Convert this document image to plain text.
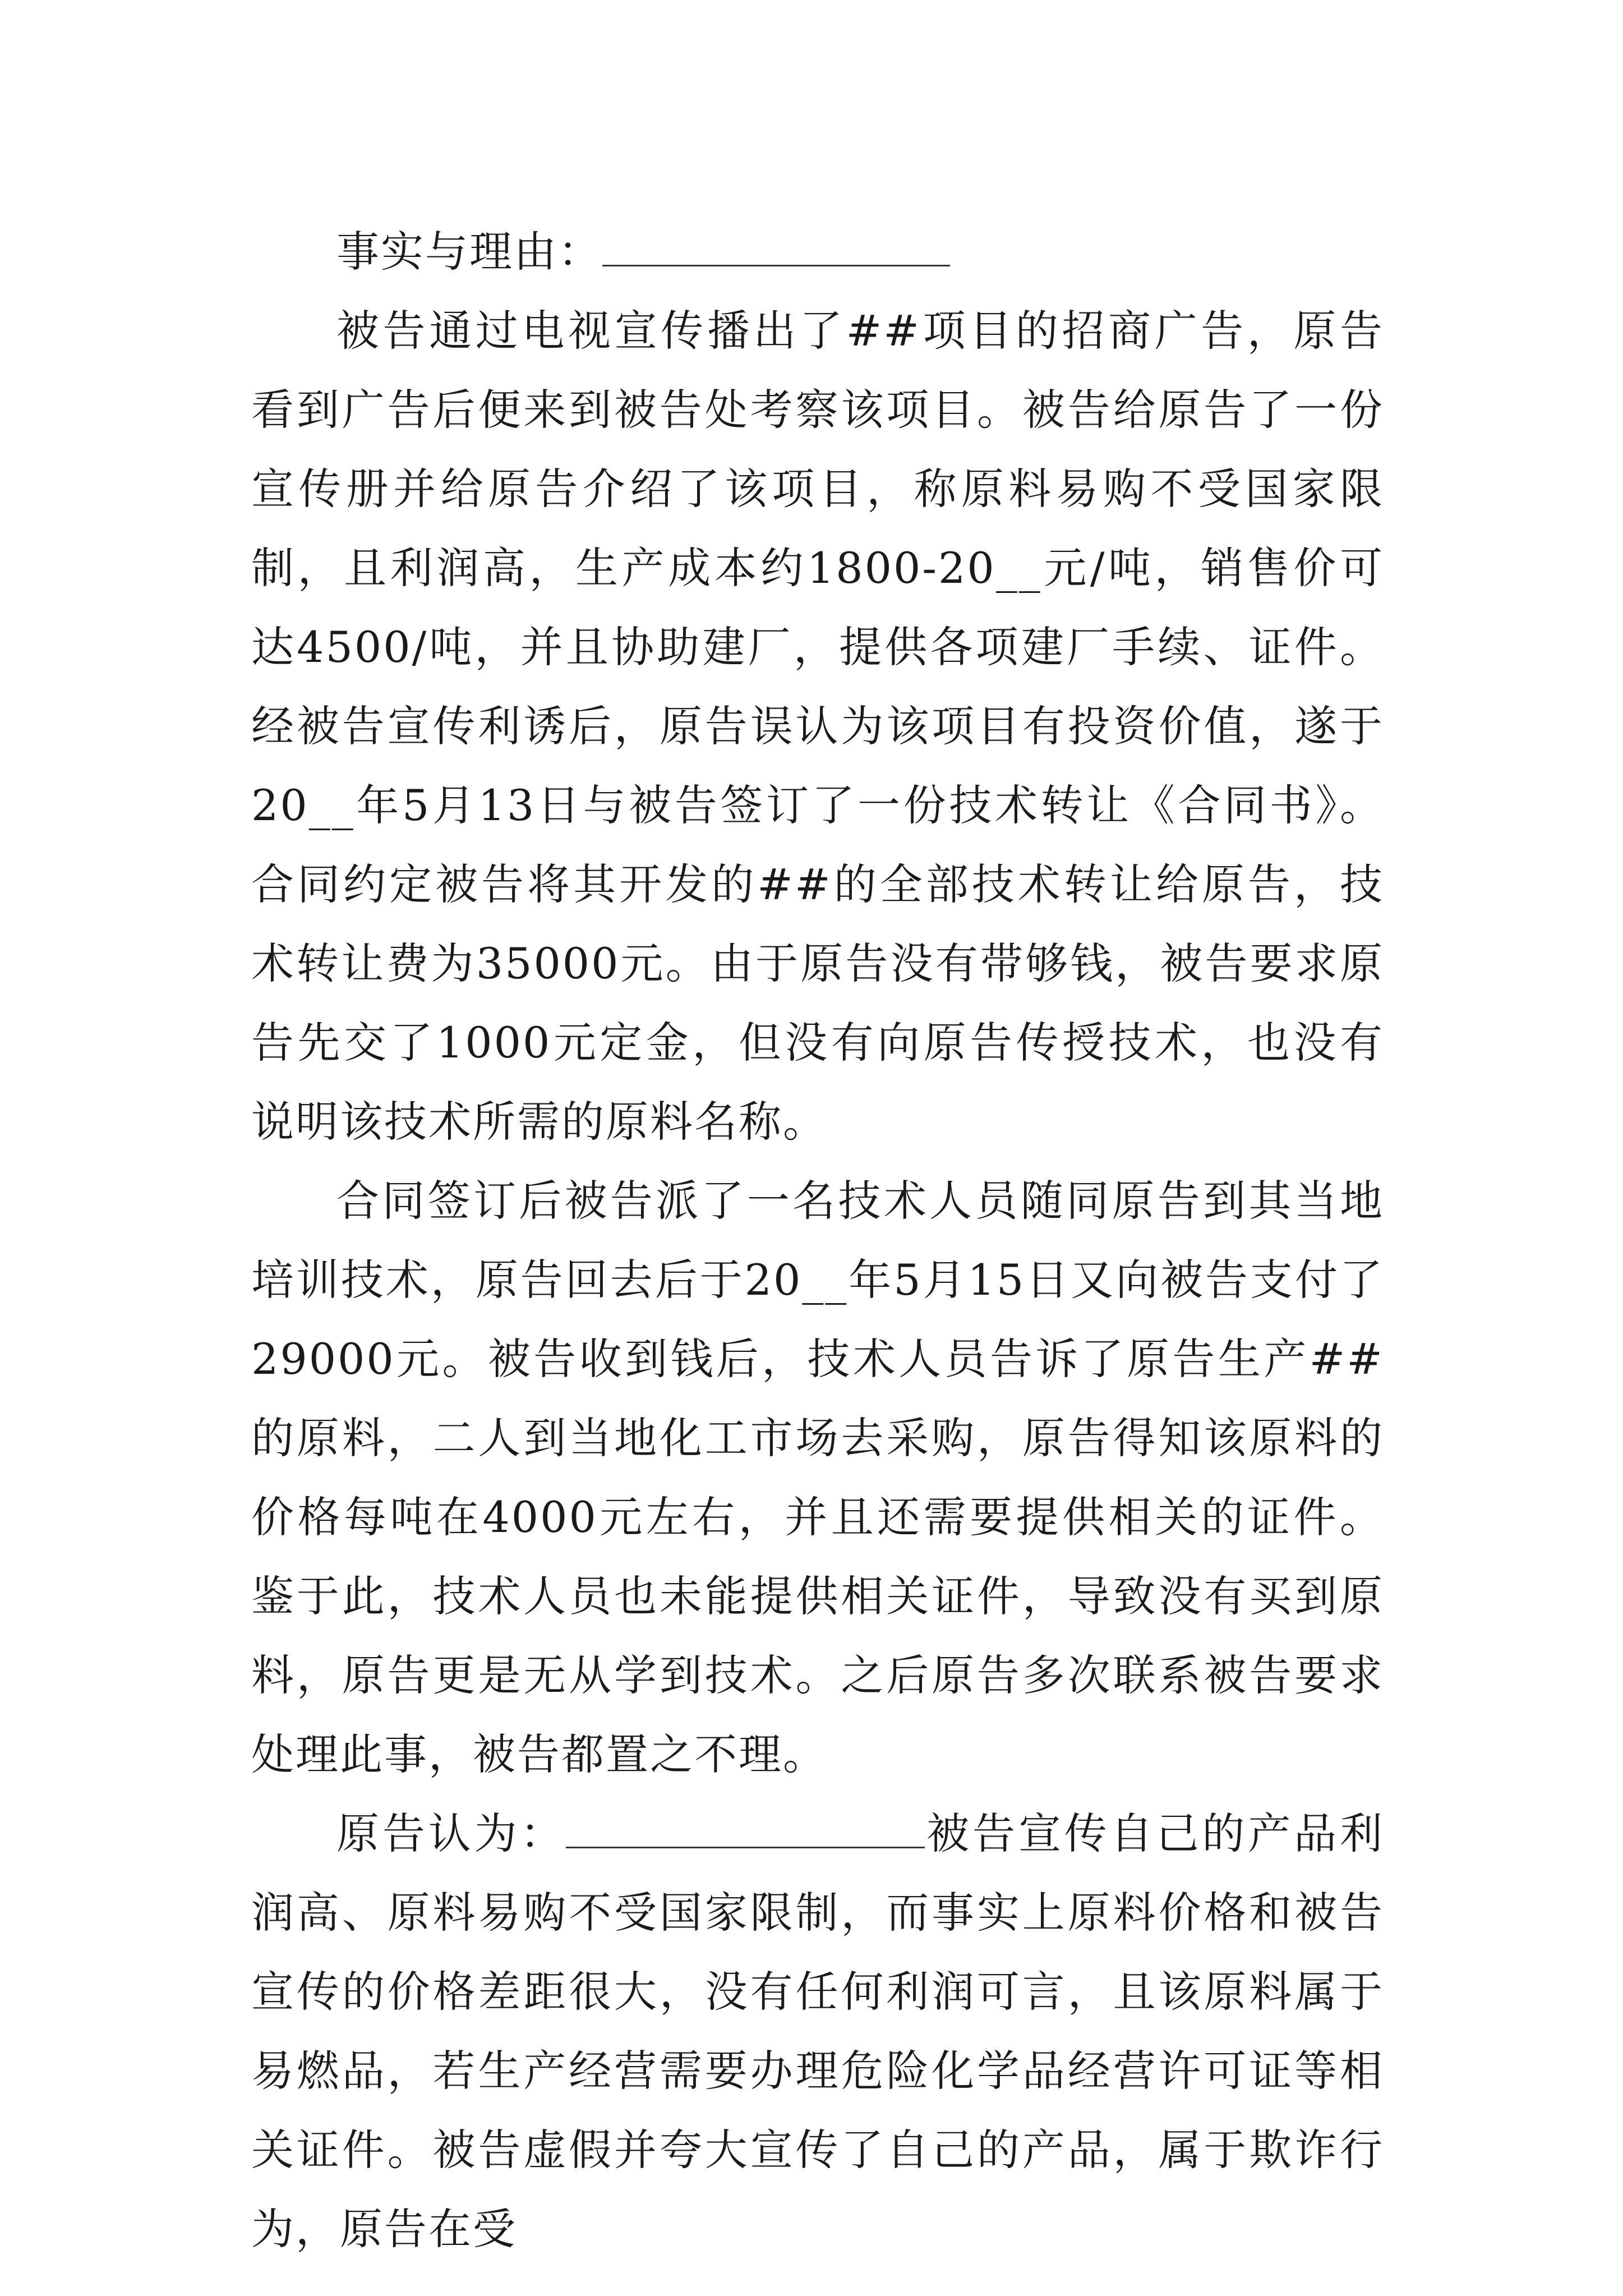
事实与理由：

被告通过电视宣传播出了##项目的招商广告，原告看到广告后便来到被告处考察该项目。被告给原告了一份宣传册并给原告介绍了该项目，称原料易购不受国家限制，且利润高，生产成本约1800-20__元/吨，销售价可达4500/吨，并且协助建厂，提供各项建厂手续、证件。经被告宣传利诱后，原告误认为该项目有投资价值，遂于20__年5月13日与被告签订了一份技术转让《合同书》。合同约定被告将其开发的##的全部技术转让给原告，技术转让费为35000元。由于原告没有带够钱，被告要求原告先交了1000元定金，但没有向原告传授技术，也没有说明该技术所需的原料名称。

合同签订后被告派了一名技术人员随同原告到其当地培训技术，原告回去后于20__年5月15日又向被告支付了29000元。被告收到钱后，技术人员告诉了原告生产##的原料，二人到当地化工市场去采购，原告得知该原料的价格每吨在4000元左右，并且还需要提供相关的证件。鉴于此，技术人员也未能提供相关证件，导致没有买到原料，原告更是无从学到技术。之后原告多次联系被告要求处理此事，被告都置之不理。

原告认为：	被告宣传自己的产品利润高、原料易购不受国家限制，而事实上原料价格和被告宣传的价格差距很大，没有任何利润可言，且该原料属于易燃品，若生产经营需要办理危险化学品经营许可证等相关证件。被告虚假并夸大宣传了自己的产品，属于欺诈行为，原告在受
